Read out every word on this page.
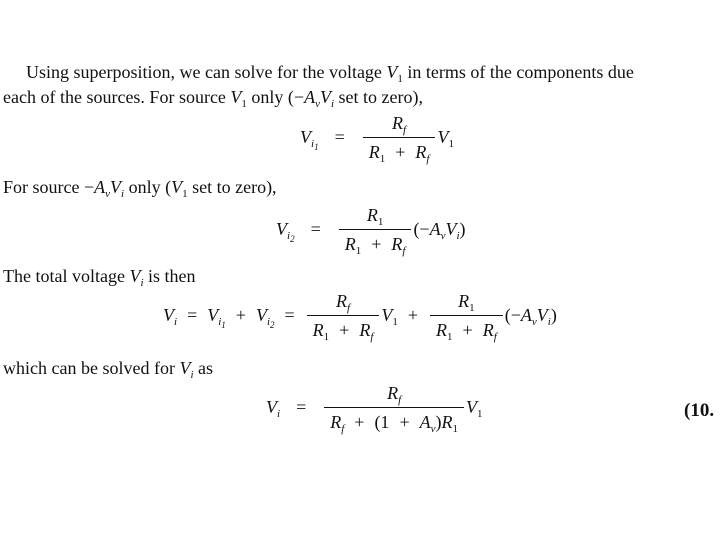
Using superposition, we can solve for the voltage $V_1$ in terms of the components due
each of the sources. For source $V_1$ only ($-A_vV_i$ set to zero),
$V_{i_1} = \frac{R_f}{R_1 + R_f} V_1$
For source $-A_vV_i$ only ($V_1$ set to zero),
$V_{i_2} = \frac{R_1}{R_1 + R_f} (-A_vV_i)$
The total voltage $V_i$ is then
$V_i = V_{i_1} + V_{i_2} = \frac{R_f}{R_1 + R_f} V_1 + \frac{R_1}{R_1 + R_f} (-A_vV_i)$
which can be solved for $V_i$ as
$V_i = \frac{R_f}{R_f + (1 + A_v)R_1} V_1$	(10.
